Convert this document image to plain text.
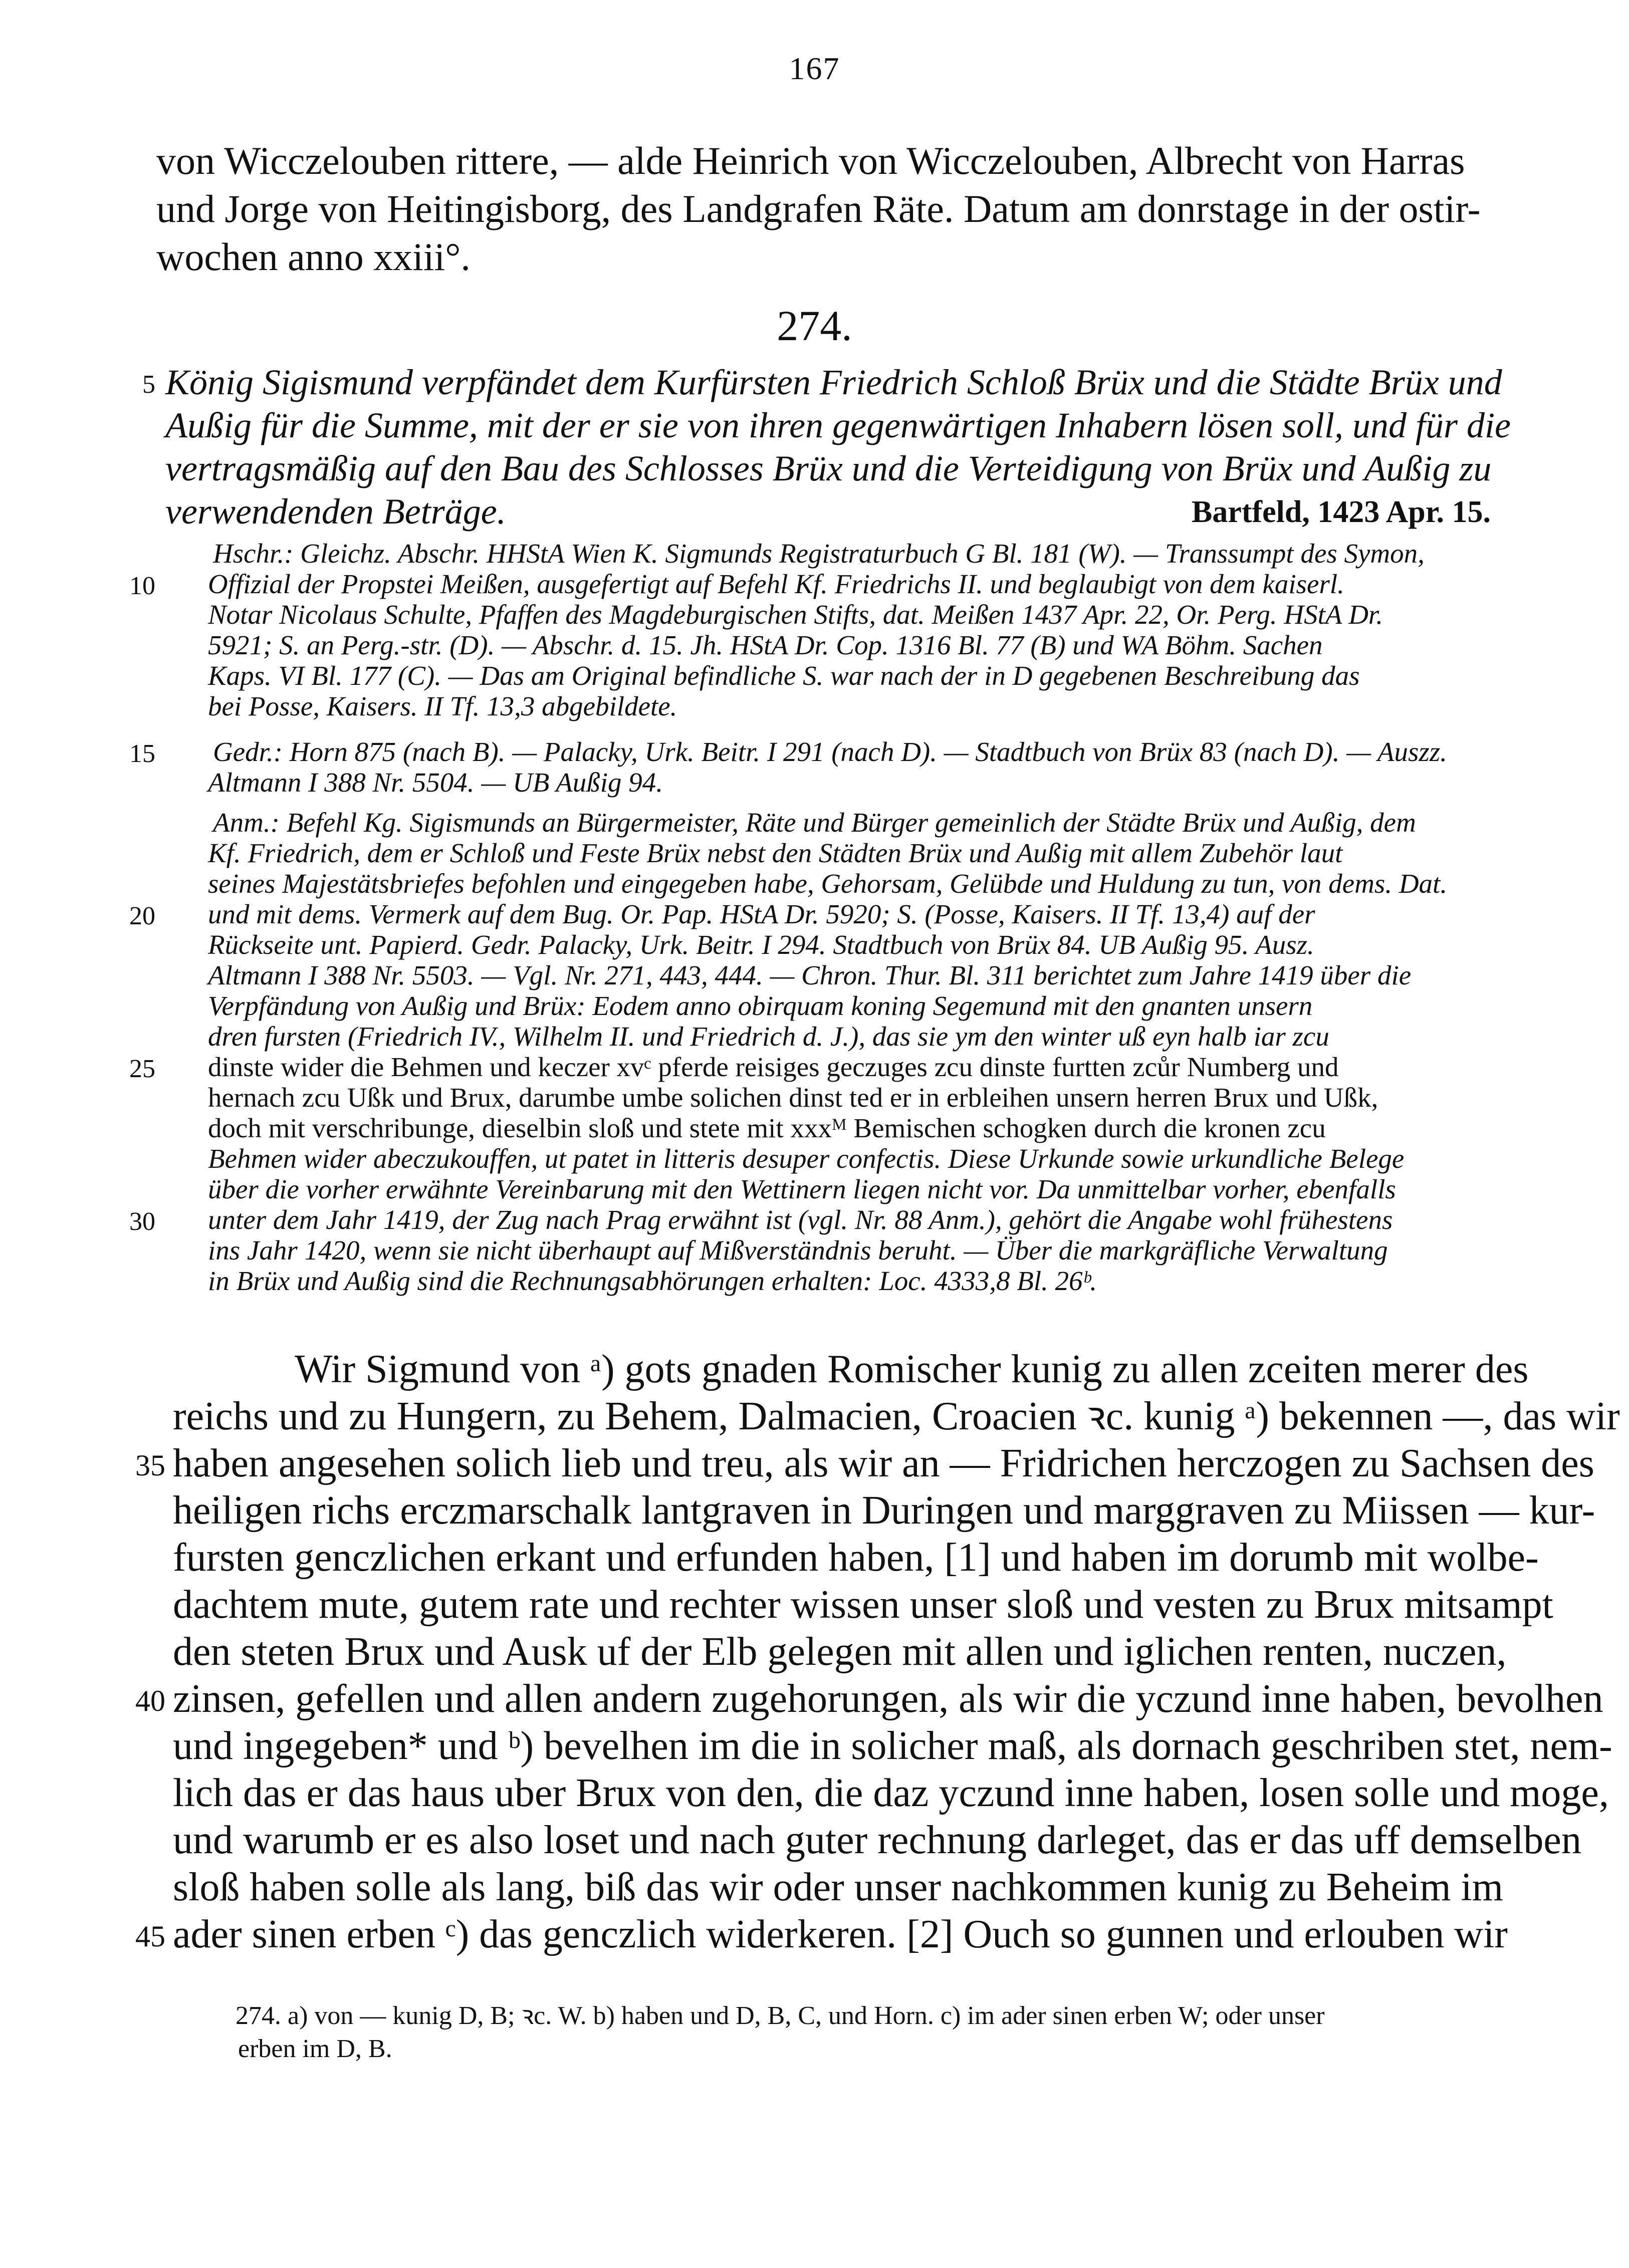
167
von Wicczelouben rittere, — alde Heinrich von Wicczelouben, Albrecht von Harras
und Jorge von Heitingisborg, des Landgrafen Räte. Datum am donrstage in der ostir-
wochen anno xxiii°.
274.
König Sigismund verpfändet dem Kurfürsten Friedrich Schloß Brüx und die Städte Brüx und
Außig für die Summe, mit der er sie von ihren gegenwärtigen Inhabern lösen soll, und für die
vertragsmäßig auf den Bau des Schlosses Brüx und die Verteidigung von Brüx und Außig zu
verwendenden Beträge.	Bartfeld, 1423 Apr. 15.
Hschr.: Gleichz. Abschr. HHStA Wien K. Sigmunds Registraturbuch G Bl. 181 (W). — Transsumpt des Symon,
Offizial der Propstei Meißen, ausgefertigt auf Befehl Kf. Friedrichs II. und beglaubigt von dem kaiserl.
Notar Nicolaus Schulte, Pfaffen des Magdeburgischen Stifts, dat. Meißen 1437 Apr. 22, Or. Perg. HStA Dr.
5921; S. an Perg.-str. (D). — Abschr. d. 15. Jh. HStA Dr. Cop. 1316 Bl. 77 (B) und WA Böhm. Sachen
Kaps. VI Bl. 177 (C). — Das am Original befindliche S. war nach der in D gegebenen Beschreibung das
bei Posse, Kaisers. II Tf. 13,3 abgebildete.
Gedr.: Horn 875 (nach B). — Palacky, Urk. Beitr. I 291 (nach D). — Stadtbuch von Brüx 83 (nach D). — Auszz.
Altmann I 388 Nr. 5504. — UB Außig 94.
Anm.: Befehl Kg. Sigismunds an Bürgermeister, Räte und Bürger gemeinlich der Städte Brüx und Außig, dem
Kf. Friedrich, dem er Schloß und Feste Brüx nebst den Städten Brüx und Außig mit allem Zubehör laut
seines Majestätsbriefes befohlen und eingegeben habe, Gehorsam, Gelübde und Huldung zu tun, von dems. Dat.
und mit dems. Vermerk auf dem Bug. Or. Pap. HStA Dr. 5920; S. (Posse, Kaisers. II Tf. 13,4) auf der
Rückseite unt. Papierd. Gedr. Palacky, Urk. Beitr. I 294. Stadtbuch von Brüx 84. UB Außig 95. Ausz.
Altmann I 388 Nr. 5503. — Vgl. Nr. 271, 443, 444. — Chron. Thur. Bl. 311 berichtet zum Jahre 1419 über die
Verpfändung von Außig und Brüx: Eodem anno obirquam koning Segemund mit den gnanten unsern
dren fursten (Friedrich IV., Wilhelm II. und Friedrich d. J.), das sie ym den winter uß eyn halb iar zcu
dinste wider die Behmen und keczer xvᶜ pferde reisiges geczuges zcu dinste furtten zcůr Numberg und
hernach zcu Ußk und Brux, darumbe umbe solichen dinst ted er in erbleihen unsern herren Brux und Ußk,
doch mit verschribunge, dieselbin sloß und stete mit xxxᴹ Bemischen schogken durch die kronen zcu
Behmen wider abeczukouffen, ut patet in litteris desuper confectis. Diese Urkunde sowie urkundliche Belege
über die vorher erwähnte Vereinbarung mit den Wettinern liegen nicht vor. Da unmittelbar vorher, ebenfalls
unter dem Jahr 1419, der Zug nach Prag erwähnt ist (vgl. Nr. 88 Anm.), gehört die Angabe wohl frühestens
ins Jahr 1420, wenn sie nicht überhaupt auf Mißverständnis beruht. — Über die markgräfliche Verwaltung
in Brüx und Außig sind die Rechnungsabhörungen erhalten: Loc. 4333,8 Bl. 26ᵇ.
Wir Sigmund von ᵃ) gots gnaden Romischer kunig zu allen zceiten merer des
reichs und zu Hungern, zu Behem, Dalmacien, Croacien ꝛc. kunig ᵃ) bekennen —, das wir
haben angesehen solich lieb und treu, als wir an — Fridrichen herczogen zu Sachsen des
heiligen richs erczmarschalk lantgraven in Duringen und marggraven zu Miissen — kur-
fursten genczlichen erkant und erfunden haben, [1] und haben im dorumb mit wolbe-
dachtem mute, gutem rate und rechter wissen unser sloß und vesten zu Brux mitsampt
den steten Brux und Ausk uf der Elb gelegen mit allen und iglichen renten, nuczen,
zinsen, gefellen und allen andern zugehorungen, als wir die yczund inne haben, bevolhen
und ingegeben* und ᵇ) bevelhen im die in solicher maß, als dornach geschriben stet, nem-
lich das er das haus uber Brux von den, die daz yczund inne haben, losen solle und moge,
und warumb er es also loset und nach guter rechnung darleget, das er das uff demselben
sloß haben solle als lang, biß das wir oder unser nachkommen kunig zu Beheim im
ader sinen erben ᶜ) das genczlich widerkeren. [2] Ouch so gunnen und erlouben wir
274. a) von — kunig D, B; ꝛc. W. b) haben und D, B, C, und Horn. c) im ader sinen erben W; oder unser
erben im D, B.
5
10
15
20
25
30
35
40
45
